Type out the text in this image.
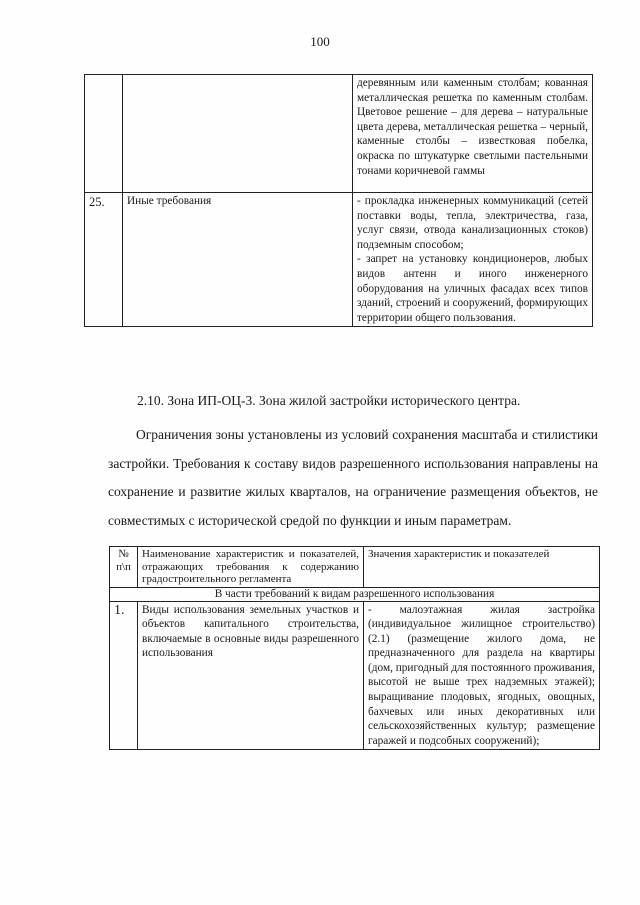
100
		деревянным или каменным столбам; кованная металлическая решетка по каменным столбам. Цветовое решение – для дерева – натуральные цвета дерева, металлическая решетка – черный, каменные столбы – известковая побелка, окраска по штукатурке светлыми пастельными тонами коричневой гаммы
25.	Иные требования	- прокладка инженерных коммуникаций (сетей поставки воды, тепла, электричества, газа, услуг связи, отвода канализационных стоков) подземным способом;
- запрет на установку кондиционеров, любых видов антенн и иного инженерного оборудования на уличных фасадах всех типов зданий, строений и сооружений, формирующих территории общего пользования.
2.10. Зона ИП-ОЦ-3. Зона жилой застройки исторического центра.
Ограничения зоны установлены из условий сохранения масштаба и стилистики застройки. Требования к составу видов разрешенного использования направлены на сохранение и развитие жилых кварталов, на ограничение размещения объектов, не совместимых с исторической средой по функции и иным параметрам.
№ п\п	Наименование характеристик и показателей, отражающих требования к содержанию градостроительного регламента	Значения характеристик и показателей
В части требований к видам разрешенного использования		
1.	Виды использования земельных участков и объектов капитального строительства, включаемые в основные виды разрешенного использования	- малоэтажная жилая застройка (индивидуальное жилищное строительство) (2.1) (размещение жилого дома, не предназначенного для раздела на квартиры (дом, пригодный для постоянного проживания, высотой не выше трех надземных этажей); выращивание плодовых, ягодных, овощных, бахчевых или иных декоративных или сельскохозяйственных культур; размещение гаражей и подсобных сооружений);
